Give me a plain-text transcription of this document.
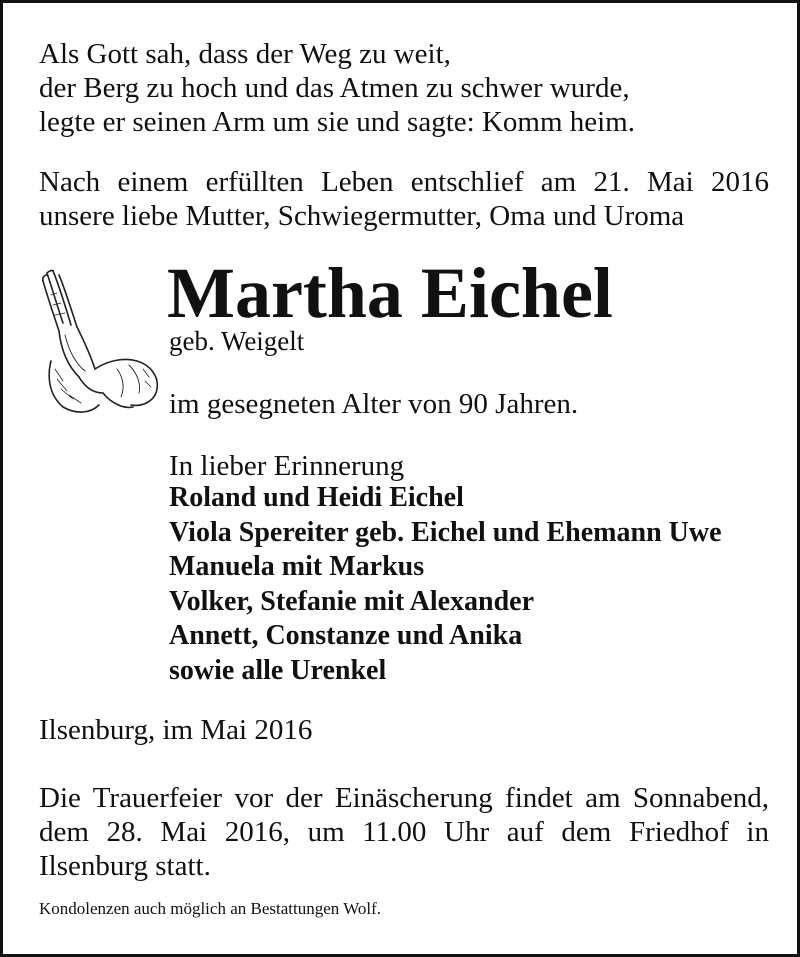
Als Gott sah, dass der Weg zu weit,
der Berg zu hoch und das Atmen zu schwer wurde,
legte er seinen Arm um sie und sagte: Komm heim.
Nach einem erfüllten Leben entschlief am 21. Mai 2016
unsere liebe Mutter, Schwiegermutter, Oma und Uroma
Martha Eichel
geb. Weigelt
im gesegneten Alter von 90 Jahren.
In lieber Erinnerung
Roland und Heidi Eichel
Viola Spereiter geb. Eichel und Ehemann Uwe
Manuela mit Markus
Volker, Stefanie mit Alexander
Annett, Constanze und Anika
sowie alle Urenkel
Ilsenburg, im Mai 2016
Die Trauerfeier vor der Einäscherung findet am Sonnabend,
dem 28. Mai 2016, um 11.00 Uhr auf dem Friedhof in
Ilsenburg statt.
Kondolenzen auch möglich an Bestattungen Wolf.
